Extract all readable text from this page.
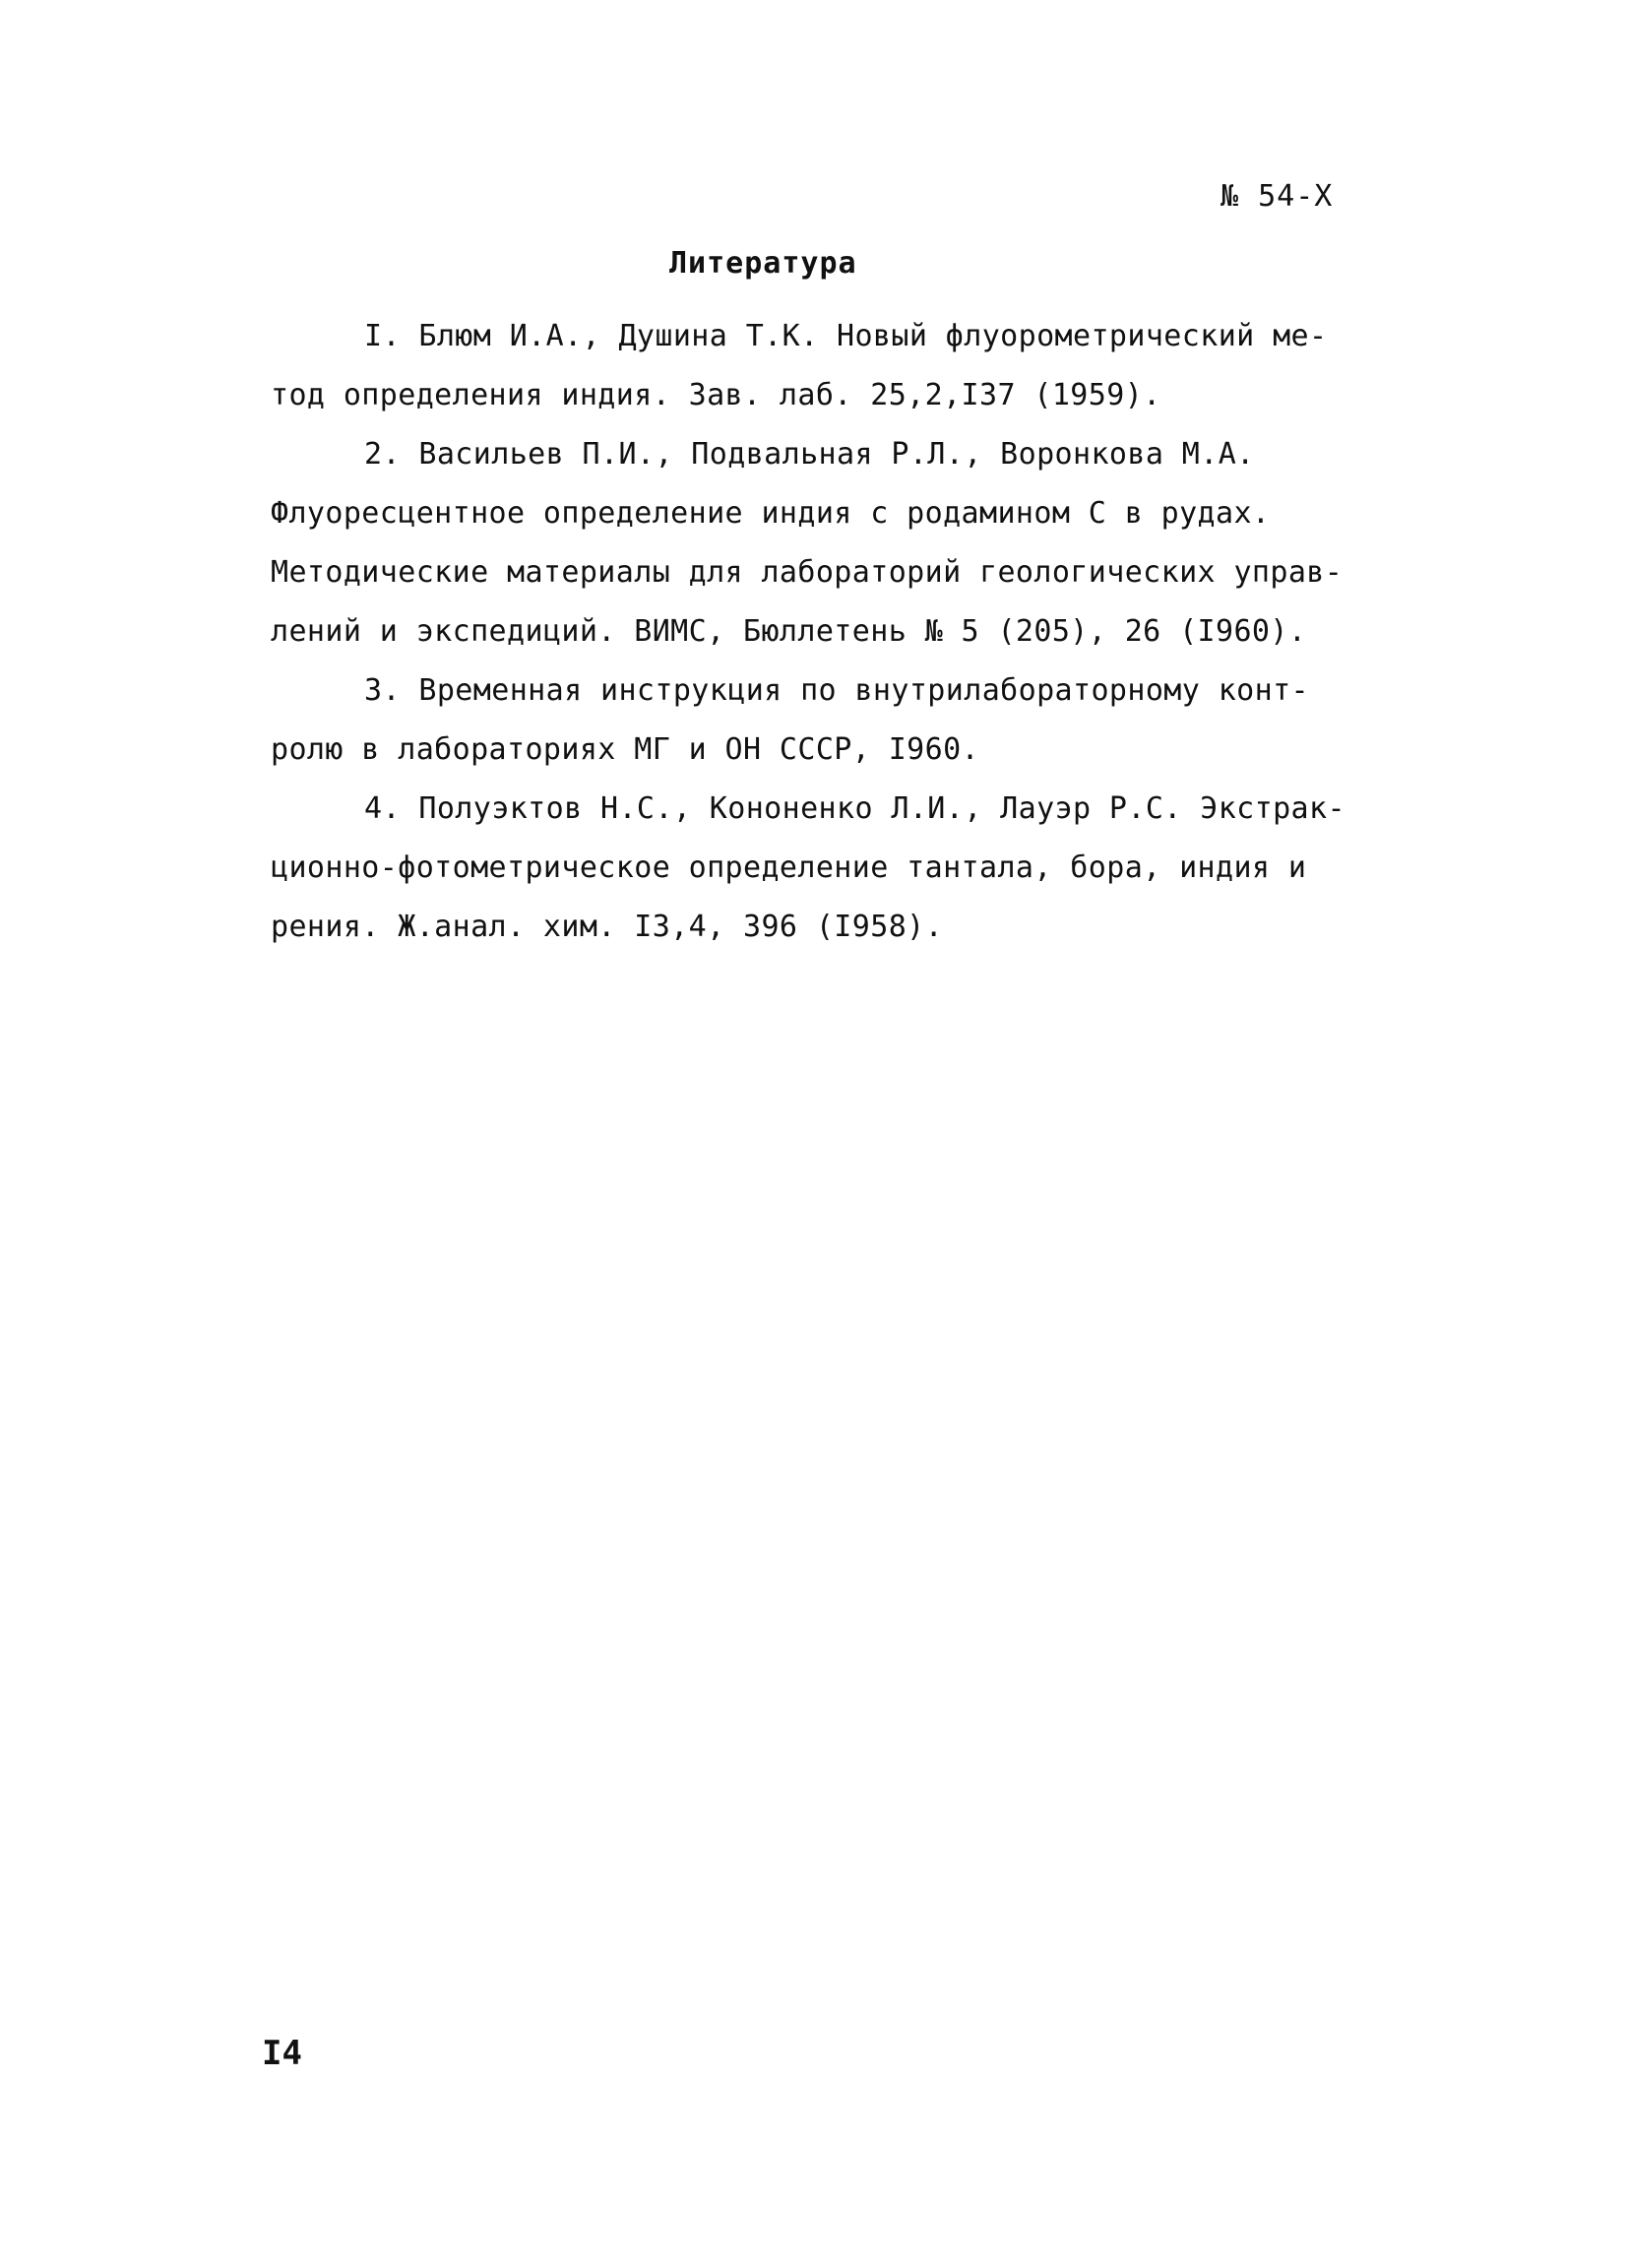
№ 54-Х
Литература
I. Блюм И.А., Душина Т.К. Новый флуорометрический ме-
тод определения индия. Зав. лаб. 25,2,I37 (1959).
2. Васильев П.И., Подвальная Р.Л., Воронкова М.А.
Флуоресцентное определение индия с родамином С в рудах.
Методические материалы для лабораторий геологических управ-
лений и экспедиций. ВИМС, Бюллетень № 5 (205), 26 (I960).
3. Временная инструкция по внутрилабораторному конт-
ролю в лабораториях МГ и ОН СССР, I960.
4. Полуэктов Н.С., Кононенко Л.И., Лауэр Р.С. Экстрак-
ционно-фотометрическое определение тантала, бора, индия и
рения. Ж.анал. хим. I3,4, 396 (I958).
I4
